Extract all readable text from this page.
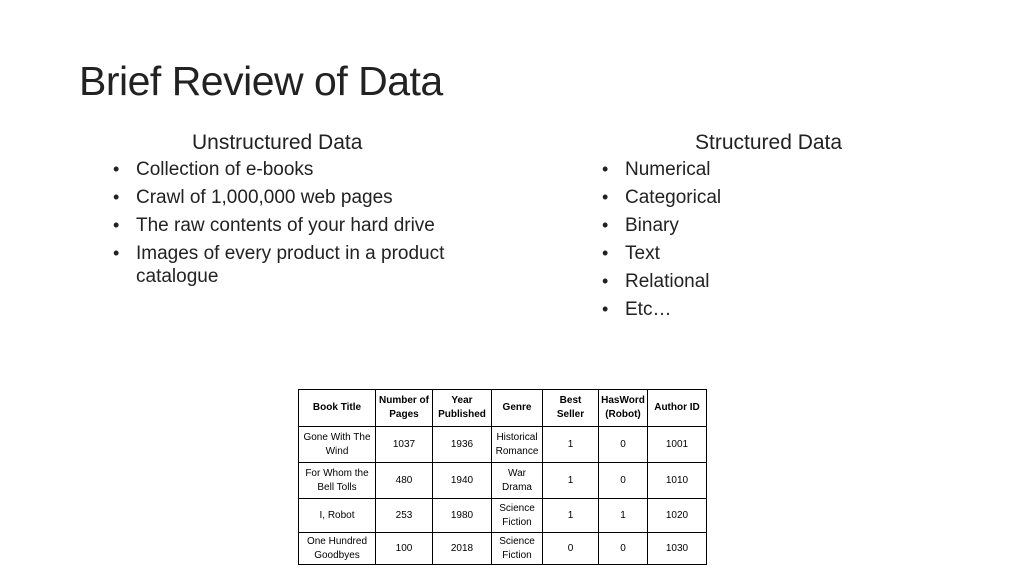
Brief Review of Data
Unstructured Data
• Collection of e-books
• Crawl of 1,000,000 web pages
• The raw contents of your hard drive
• Images of every product in a product catalogue
Structured Data
• Numerical
• Categorical
• Binary
• Text
• Relational
• Etc…
Book Title	Number of Pages	Year Published	Genre	Best Seller	HasWord (Robot)	Author ID
Gone With The Wind	1037	1936	Historical Romance	1	0	1001
For Whom the Bell Tolls	480	1940	War Drama	1	0	1010
I, Robot	253	1980	Science Fiction	1	1	1020
One Hundred Goodbyes	100	2018	Science Fiction	0	0	1030
